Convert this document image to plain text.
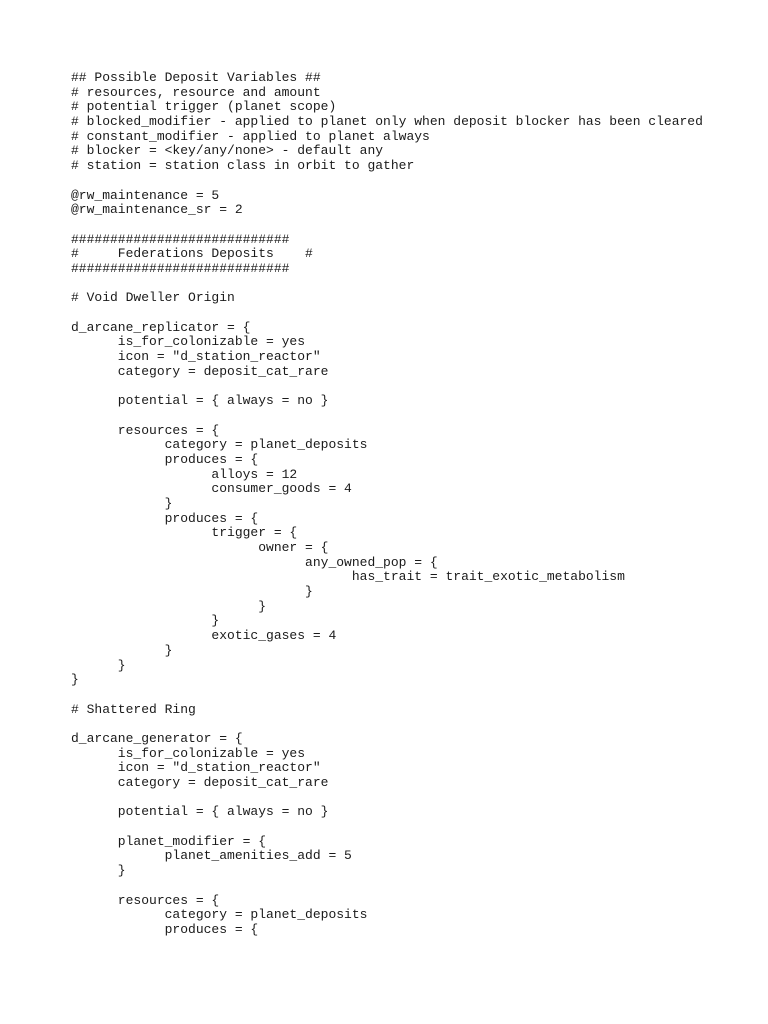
## Possible Deposit Variables ##
# resources, resource and amount
# potential trigger (planet scope)
# blocked_modifier - applied to planet only when deposit blocker has been cleared
# constant_modifier - applied to planet always
# blocker = <key/any/none> - default any
# station = station class in orbit to gather
@rw_maintenance = 5
@rw_maintenance_sr = 2
############################
#     Federations Deposits    #
############################
# Void Dweller Origin
d_arcane_replicator = {
is_for_colonizable = yes
icon = "d_station_reactor"
category = deposit_cat_rare
potential = { always = no }
resources = {
category = planet_deposits
produces = {
alloys = 12
consumer_goods = 4
}
produces = {
trigger = {
owner = {
any_owned_pop = {
has_trait = trait_exotic_metabolism
}
}
}
exotic_gases = 4
}
}
}
# Shattered Ring
d_arcane_generator = {
is_for_colonizable = yes
icon = "d_station_reactor"
category = deposit_cat_rare
potential = { always = no }
planet_modifier = {
planet_amenities_add = 5
}
resources = {
category = planet_deposits
produces = {
